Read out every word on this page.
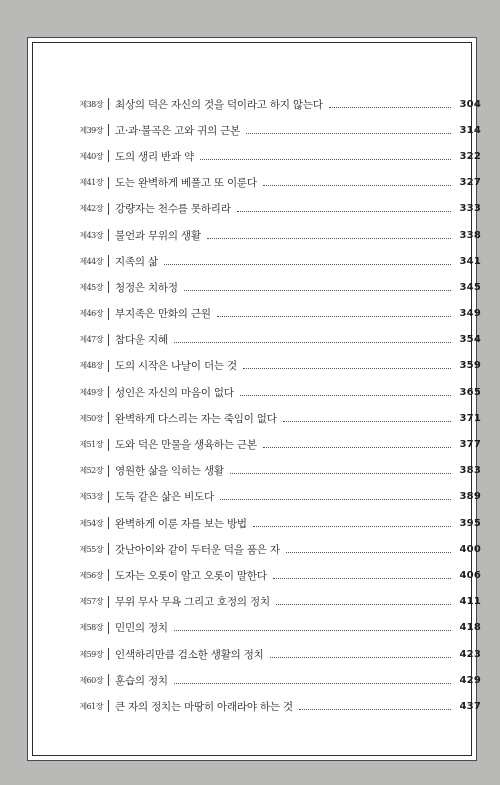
제38장 최상의 덕은 자신의 것을 덕이라고 하지 않는다	304
제39장 고·과·불곡은 고와 귀의 근본	314
제40장 도의 생리 반과 약	322
제41장 도는 완벽하게 베풀고 또 이룬다	327
제42장 강량자는 천수를 못하리라	333
제43장 불언과 무위의 생활	338
제44장 지족의 삶	341
제45장 청정은 치하정	345
제46장 부지족은 만화의 근원	349
제47장 참다운 지혜	354
제48장 도의 시작은 나날이 더는 것	359
제49장 성인은 자신의 마음이 없다	365
제50장 완벽하게 다스리는 자는 죽임이 없다	371
제51장 도와 덕은 만물을 생육하는 근본	377
제52장 영원한 삶을 익히는 생활	383
제53장 도둑 같은 삶은 비도다	389
제54장 완벽하게 이룬 자를 보는 방법	395
제55장 갓난아이와 같이 두터운 덕을 품은 자	400
제56장 도자는 오롯이 알고 오롯이 말한다	406
제57장 무위 무사 무욕 그리고 호정의 정치	411
제58장 민민의 정치	418
제59장 인색하리만큼 검소한 생활의 정치	423
제60장 훈습의 정치	429
제61장 큰 자의 정치는 마땅히 아래라야 하는 것	437
